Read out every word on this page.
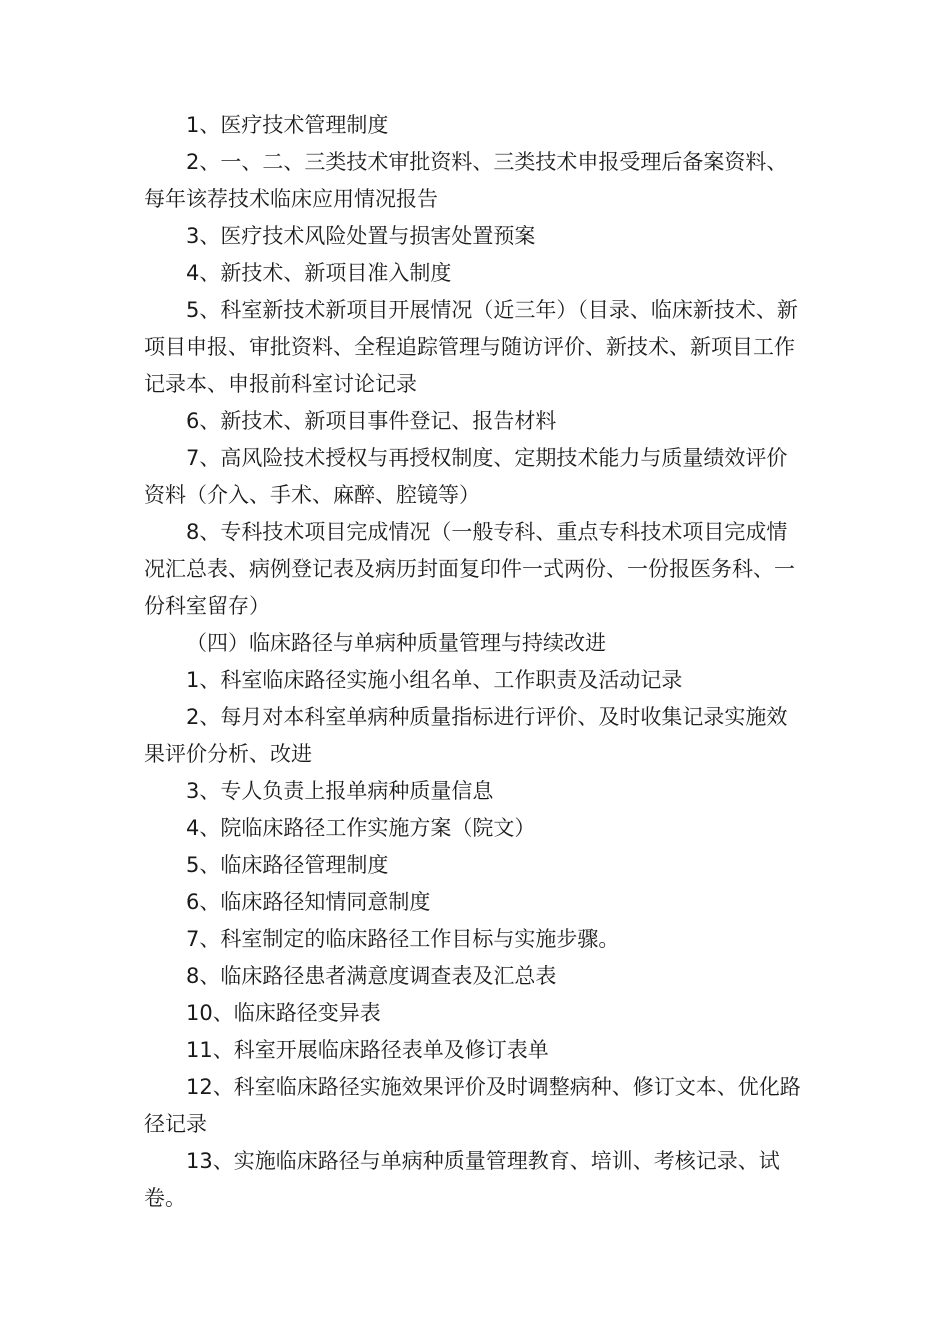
1、医疗技术管理制度

2、一、二、三类技术审批资料、三类技术申报受理后备案资料、每年该荐技术临床应用情况报告

3、医疗技术风险处置与损害处置预案

4、新技术、新项目准入制度

5、科室新技术新项目开展情况（近三年）（目录、临床新技术、新项目申报、审批资料、全程追踪管理与随访评价、新技术、新项目工作记录本、申报前科室讨论记录

6、新技术、新项目事件登记、报告材料

7、高风险技术授权与再授权制度、定期技术能力与质量绩效评价资料（介入、手术、麻醉、腔镜等）

8、专科技术项目完成情况（一般专科、重点专科技术项目完成情况汇总表、病例登记表及病历封面复印件一式两份、一份报医务科、一份科室留存）

（四）临床路径与单病种质量管理与持续改进

1、科室临床路径实施小组名单、工作职责及活动记录

2、每月对本科室单病种质量指标进行评价、及时收集记录实施效果评价分析、改进

3、专人负责上报单病种质量信息

4、院临床路径工作实施方案（院文）

5、临床路径管理制度

6、临床路径知情同意制度

7、科室制定的临床路径工作目标与实施步骤。

8、临床路径患者满意度调查表及汇总表

10、临床路径变异表

11、科室开展临床路径表单及修订表单

12、科室临床路径实施效果评价及时调整病种、修订文本、优化路径记录

13、实施临床路径与单病种质量管理教育、培训、考核记录、试卷。
